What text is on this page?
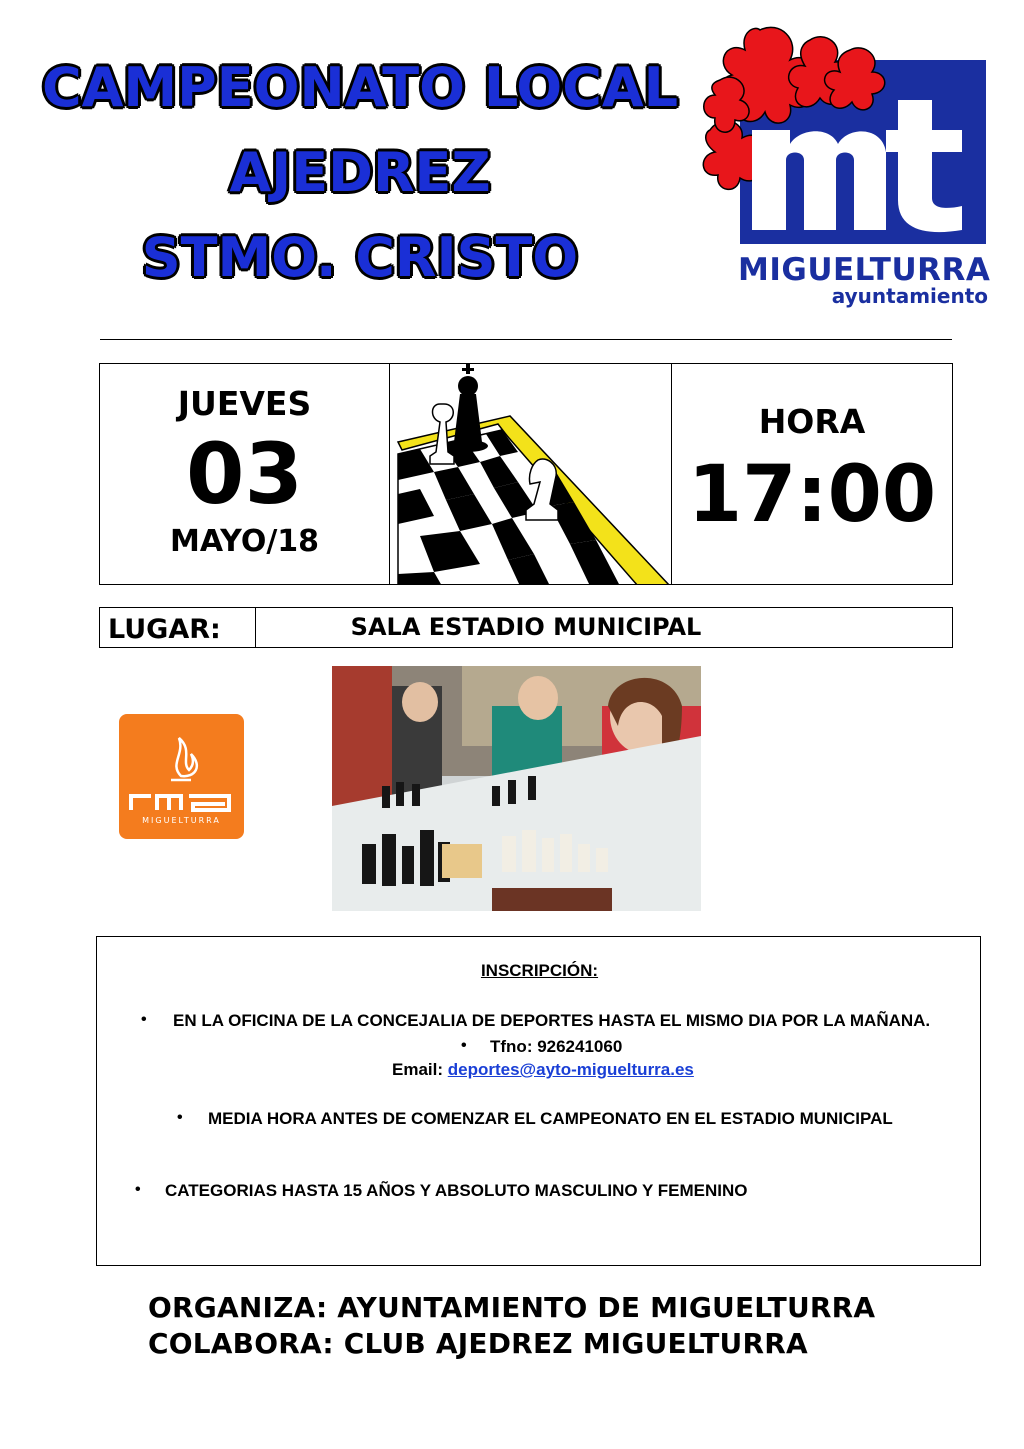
CAMPEONATO LOCAL
AJEDREZ
STMO. CRISTO	MIGUELTURRA
ayuntamiento
JUEVES
03
MAYO/18
HORA
17:00
LUGAR:	SALA ESTADIO MUNICIPAL
MIGUELTURRA
INSCRIPCIÓN:
• EN LA OFICINA DE LA CONCEJALIA DE DEPORTES HASTA EL MISMO DIA POR LA MAÑANA.
• Tfno: 926241060
Email: deportes@ayto-miguelturra.es
• MEDIA HORA ANTES DE COMENZAR EL CAMPEONATO EN EL ESTADIO MUNICIPAL
• CATEGORIAS HASTA 15 AÑOS Y ABSOLUTO MASCULINO Y FEMENINO
ORGANIZA: AYUNTAMIENTO DE MIGUELTURRA
COLABORA: CLUB AJEDREZ MIGUELTURRA
